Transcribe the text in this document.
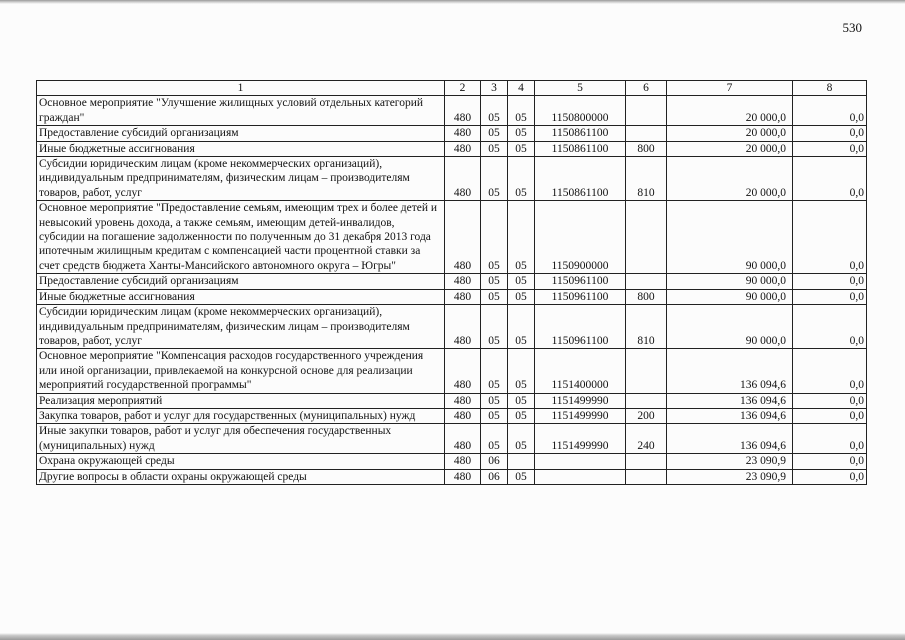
530
1	2	3	4	5	6	7	8
Основное мероприятие "Улучшение жилищных условий отдельных категорий граждан"	480	05	05	1150800000		20 000,0	0,0
Предоставление субсидий организациям	480	05	05	1150861100		20 000,0	0,0
Иные бюджетные ассигнования	480	05	05	1150861100	800	20 000,0	0,0
Субсидии юридическим лицам (кроме некоммерческих организаций), индивидуальным предпринимателям, физическим лицам – производителям товаров, работ, услуг	480	05	05	1150861100	810	20 000,0	0,0
Основное мероприятие "Предоставление семьям, имеющим трех и более детей и невысокий уровень дохода, а также семьям, имеющим детей-инвалидов, субсидии на погашение задолженности по полученным до 31 декабря 2013 года ипотечным жилищным кредитам с компенсацией части процентной ставки за счет средств бюджета Ханты-Мансийского автономного округа – Югры"	480	05	05	1150900000		90 000,0	0,0
Предоставление субсидий организациям	480	05	05	1150961100		90 000,0	0,0
Иные бюджетные ассигнования	480	05	05	1150961100	800	90 000,0	0,0
Субсидии юридическим лицам (кроме некоммерческих организаций), индивидуальным предпринимателям, физическим лицам – производителям товаров, работ, услуг	480	05	05	1150961100	810	90 000,0	0,0
Основное мероприятие "Компенсация расходов государственного учреждения или иной организации, привлекаемой на конкурсной основе для реализации мероприятий государственной программы"	480	05	05	1151400000		136 094,6	0,0
Реализация мероприятий	480	05	05	1151499990		136 094,6	0,0
Закупка товаров, работ и услуг для государственных (муниципальных) нужд	480	05	05	1151499990	200	136 094,6	0,0
Иные закупки товаров, работ и услуг для обеспечения государственных (муниципальных) нужд	480	05	05	1151499990	240	136 094,6	0,0
Охрана окружающей среды	480	06				23 090,9	0,0
Другие вопросы в области охраны окружающей среды	480	06	05			23 090,9	0,0
